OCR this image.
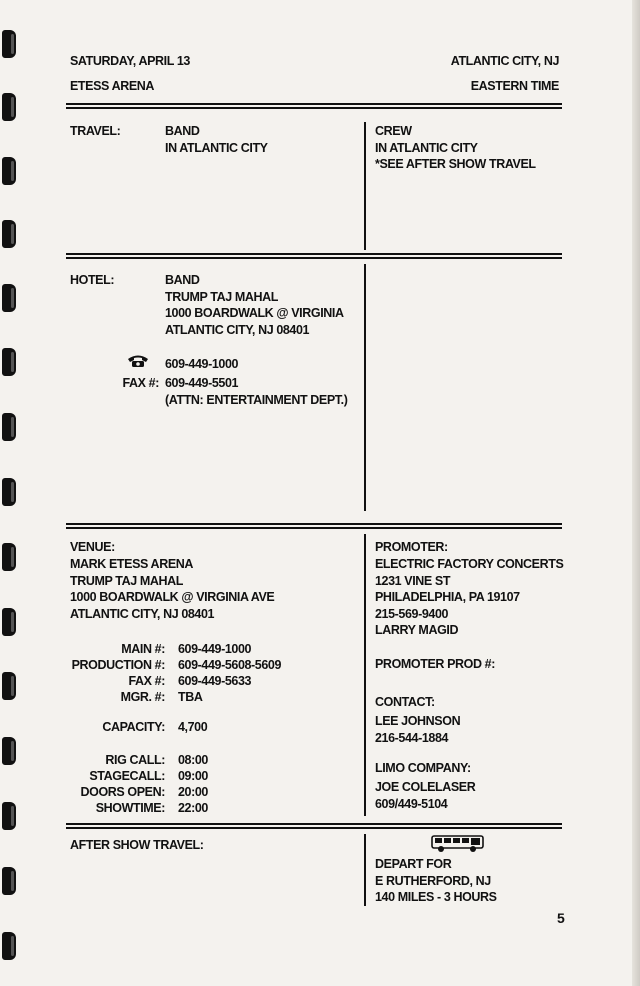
SATURDAY, APRIL 13
ETESS ARENA
ATLANTIC CITY, NJ
EASTERN TIME
TRAVEL:	BAND
IN ATLANTIC CITY
CREW
IN ATLANTIC CITY
*SEE AFTER SHOW TRAVEL
HOTEL:	BAND
TRUMP TAJ MAHAL
1000 BOARDWALK @ VIRGINIA
ATLANTIC CITY, NJ 08401
609-449-1000
FAX #: 609-449-5501
(ATTN: ENTERTAINMENT DEPT.)
VENUE:
MARK ETESS ARENA
TRUMP TAJ MAHAL
1000 BOARDWALK @ VIRGINIA AVE
ATLANTIC CITY, NJ 08401
MAIN #: 609-449-1000
PRODUCTION #: 609-449-5608-5609
FAX #: 609-449-5633
MGR. #: TBA
CAPACITY: 4,700
RIG CALL: 08:00
STAGECALL: 09:00
DOORS OPEN: 20:00
SHOWTIME: 22:00
PROMOTER:
ELECTRIC FACTORY CONCERTS
1231 VINE ST
PHILADELPHIA, PA 19107
215-569-9400
LARRY MAGID
PROMOTER PROD #:
CONTACT:
LEE JOHNSON
216-544-1884
LIMO COMPANY:
JOE COLELASER
609/449-5104
AFTER SHOW TRAVEL:
DEPART FOR
E RUTHERFORD, NJ
140 MILES - 3 HOURS
5
